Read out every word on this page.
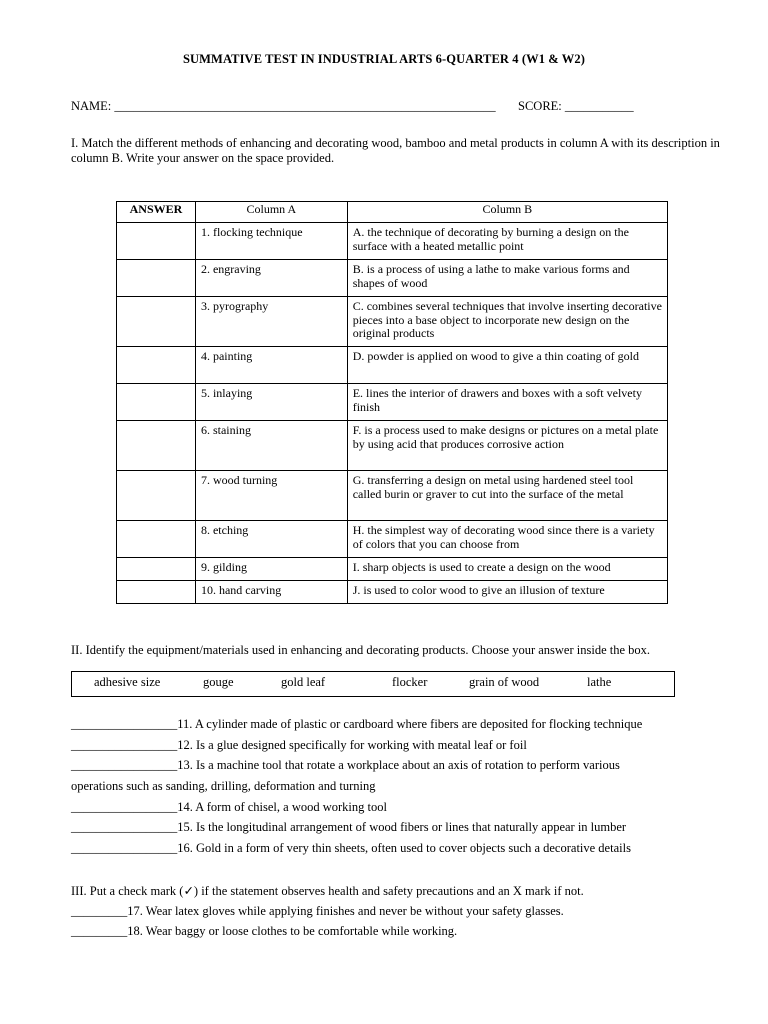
SUMMATIVE TEST IN INDUSTRIAL ARTS 6-QUARTER 4 (W1 & W2)
NAME: _____________________________________________________________ SCORE: ___________
I. Match the different methods of enhancing and decorating wood, bamboo and metal products in column A with its description in column B. Write your answer on the space provided.
ANSWER	Column A	Column B
	1. flocking technique	A. the technique of decorating by burning a design on the surface with a heated metallic point
	2. engraving	B. is a process of using a lathe to make various forms and shapes of wood
	3. pyrography	C. combines several techniques that involve inserting decorative pieces into a base object to incorporate new design on the original products
	4. painting	D. powder is applied on wood to give a thin coating of gold
	5. inlaying	E. lines the interior of drawers and boxes with a soft velvety finish
	6. staining	F. is a process used to make designs or pictures on a metal plate by using acid that produces corrosive action
	7. wood turning	G. transferring a design on metal using hardened steel tool called burin or graver to cut into the surface of the metal
	8. etching	H. the simplest way of decorating wood since there is a variety of colors that you can choose from
	9. gilding	I. sharp objects is used to create a design on the wood
	10. hand carving	J. is used to color wood to give an illusion of texture
II. Identify the equipment/materials used in enhancing and decorating products. Choose your answer inside the box.
adhesive size	gouge	gold leaf	flocker	grain of wood	lathe
_________________11. A cylinder made of plastic or cardboard where fibers are deposited for flocking technique
_________________12. Is a glue designed specifically for working with meatal leaf or foil
_________________13. Is a machine tool that rotate a workplace about an axis of rotation to perform various
operations such as sanding, drilling, deformation and turning
_________________14. A form of chisel, a wood working tool
_________________15. Is the longitudinal arrangement of wood fibers or lines that naturally appear in lumber
_________________16. Gold in a form of very thin sheets, often used to cover objects such a decorative details
III. Put a check mark (✓) if the statement observes health and safety precautions and an X mark if not.
_________17. Wear latex gloves while applying finishes and never be without your safety glasses.
_________18. Wear baggy or loose clothes to be comfortable while working.
